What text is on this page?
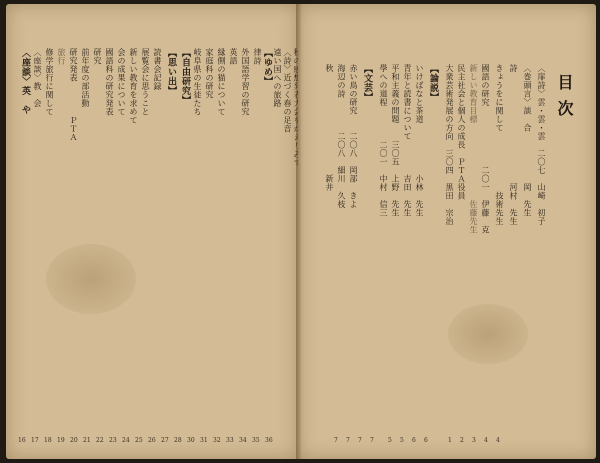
〈座談〉英　や 〈座談〉教　会 修学旅行に関して 旅行 研究発表　　　　ＰＴＡ 前年度の部活動 研究 國語科の研究発表 会の成果について 新しい教育を求めて 展覧会に思うこと 読書会記録 【思い出】 【自由研究】 岐阜県の生徒たち 家庭科の研究 縁側の猫について 英語 外国語学習の研究 律詩 【ゆめ】 遠い国への旅路 〈詩〉近づく春の足音
16 17 18 19 20 21 22 23 24 25 26 27 28 30 31 32 33 34 35 36
目次
〈扉詩〉雲・雲・雲　二〇七　山崎　初子
〈巻頭言〉談　合　　　　　　岡　先生
詩　　　　　　　　　　　　　河村　先生
きょうをに関して　　　　　　　技術先生
國語の研究　　　　　　　二〇一　伊藤　克
新しい教育目標　　　　　　　　　佐藤先生
民主社会と個人の成長　ＰＴＡ役員
大衆芸術発展の方向　三〇四　黒田　宗治
【論説】
いけばなと茶道　　　　　　小林　先生
青年と読書について　　　　吉田　先生
平和主義の問題　　三〇五　上野　先生
學への道程　　　　二〇一　中村　信三
【文芸】
赤い鳥の研究　　二〇八　岡部　きよ
海辺の詩　　　　二〇八　細川　久枝
秋　　　　　　　　　　　　新井　
7 7 7 7 5 5 6 6	1 2 3 4 4
